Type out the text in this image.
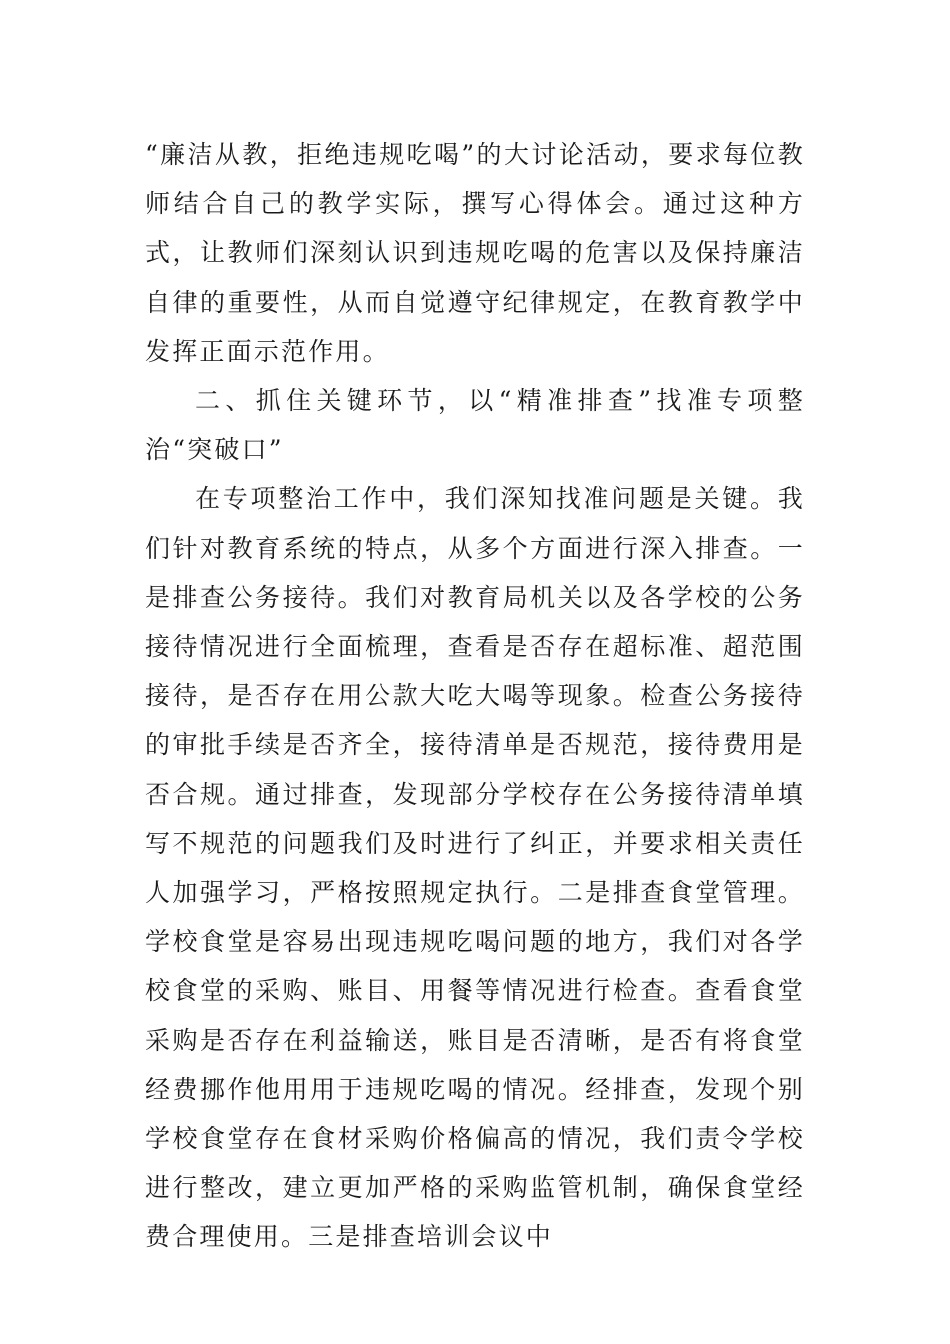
“廉洁从教，拒绝违规吃喝”的大讨论活动，要求每位教师结合自己的教学实际，撰写心得体会。通过这种方式，让教师们深刻认识到违规吃喝的危害以及保持廉洁自律的重要性，从而自觉遵守纪律规定，在教育教学中发挥正面示范作用。

二、抓住关键环节，以“精准排查”找准专项整治“突破口”

在专项整治工作中，我们深知找准问题是关键。我们针对教育系统的特点，从多个方面进行深入排查。一是排查公务接待。我们对教育局机关以及各学校的公务接待情况进行全面梳理，查看是否存在超标准、超范围接待，是否存在用公款大吃大喝等现象。检查公务接待的审批手续是否齐全，接待清单是否规范，接待费用是否合规。通过排查，发现部分学校存在公务接待清单填写不规范的问题我们及时进行了纠正，并要求相关责任人加强学习，严格按照规定执行。二是排查食堂管理。学校食堂是容易出现违规吃喝问题的地方，我们对各学校食堂的采购、账目、用餐等情况进行检查。查看食堂采购是否存在利益输送，账目是否清晰，是否有将食堂经费挪作他用用于违规吃喝的情况。经排查，发现个别学校食堂存在食材采购价格偏高的情况，我们责令学校进行整改，建立更加严格的采购监管机制，确保食堂经费合理使用。三是排查培训会议中
